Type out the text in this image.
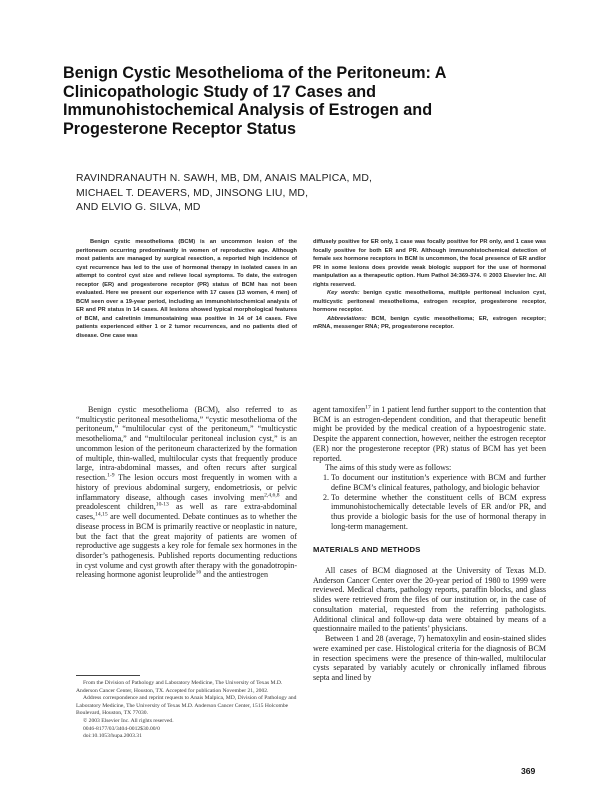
Benign Cystic Mesothelioma of the Peritoneum: A Clinicopathologic Study of 17 Cases and Immunohistochemical Analysis of Estrogen and Progesterone Receptor Status
RAVINDRANAUTH N. SAWH, MB, DM, ANAIS MALPICA, MD,
MICHAEL T. DEAVERS, MD, JINSONG LIU, MD,
AND ELVIO G. SILVA, MD

Benign cystic mesothelioma (BCM) is an uncommon lesion of the peritoneum occurring predominantly in women of reproductive age. Although most patients are managed by surgical resection, a reported high incidence of cyst recurrence has led to the use of hormonal therapy in isolated cases in an attempt to control cyst size and relieve local symptoms. To date, the estrogen receptor (ER) and progesterone receptor (PR) status of BCM has not been evaluated. Here we present our experience with 17 cases (13 women, 4 men) of BCM seen over a 19-year period, including an immunohistochemical analysis of ER and PR status in 14 cases. All lesions showed typical morphological features of BCM, and calretinin immunostaining was positive in 14 of 14 cases. Five patients experienced either 1 or 2 tumor recurrences, and no patients died of disease. One case was

diffusely positive for ER only, 1 case was focally positive for PR only, and 1 case was focally positive for both ER and PR. Although immunohistochemical detection of female sex hormone receptors in BCM is uncommon, the focal presence of ER and/or PR in some lesions does provide weak biologic support for the use of hormonal manipulation as a therapeutic option. Hum Pathol 34:369-374. © 2003 Elsevier Inc. All rights reserved.

Key words: benign cystic mesothelioma, multiple peritoneal inclusion cyst, multicystic peritoneal mesothelioma, estrogen receptor, progesterone receptor, hormone receptor.

Abbreviations: BCM, benign cystic mesothelioma; ER, estrogen receptor; mRNA, messenger RNA; PR, progesterone receptor.

Benign cystic mesothelioma (BCM), also referred to as “multicystic peritoneal mesothelioma,” “cystic mesothelioma of the peritoneum,” “multilocular cyst of the peritoneum,” “multicystic mesothelioma,” and “multilocular peritoneal inclusion cyst,” is an uncommon lesion of the peritoneum characterized by the formation of multiple, thin-walled, multilocular cysts that frequently produce large, intra-abdominal masses, and often recurs after surgical resection.$^{1-9}$ The lesion occurs most frequently in women with a history of previous abdominal surgery, endometriosis, or pelvic inflammatory disease, although cases involving men$^{2,4,6,8}$ and preadolescent children,$^{10-13}$ as well as rare extra-abdominal cases,$^{14,15}$ are well documented. Debate continues as to whether the disease process in BCM is primarily reactive or neoplastic in nature, but the fact that the great majority of patients are women of reproductive age suggests a key role for female sex hormones in the disorder’s pathogenesis. Published reports documenting reductions in cyst volume and cyst growth after therapy with the gonadotropin-releasing hormone agonist leuprolide$^{16}$ and the antiestrogen

agent tamoxifen$^{17}$ in 1 patient lend further support to the contention that BCM is an estrogen-dependent condition, and that therapeutic benefit might be provided by the medical creation of a hypoestrogenic state. Despite the apparent connection, however, neither the estrogen receptor (ER) nor the progesterone receptor (PR) status of BCM has yet been reported.

The aims of this study were as follows:

1. To document our institution’s experience with BCM and further define BCM’s clinical features, pathology, and biologic behavior
2. To determine whether the constituent cells of BCM express immunohistochemically detectable levels of ER and/or PR, and thus provide a biologic basis for the use of hormonal therapy in long-term management.
MATERIALS AND METHODS

All cases of BCM diagnosed at the University of Texas M.D. Anderson Cancer Center over the 20-year period of 1980 to 1999 were reviewed. Medical charts, pathology reports, paraffin blocks, and glass slides were retrieved from the files of our institution or, in the case of consultation material, requested from the referring pathologists. Additional clinical and follow-up data were obtained by means of a questionnaire mailed to the patients’ physicians.

Between 1 and 28 (average, 7) hematoxylin and eosin-stained slides were examined per case. Histological criteria for the diagnosis of BCM in resection specimens were the presence of thin-walled, multilocular cysts separated by variably acutely or chronically inflamed fibrous septa and lined by

From the Division of Pathology and Laboratory Medicine, The University of Texas M.D. Anderson Cancer Center, Houston, TX. Accepted for publication November 21, 2002.

Address correspondence and reprint requests to Anais Malpica, MD, Division of Pathology and Laboratory Medicine, The University of Texas M.D. Anderson Cancer Center, 1515 Holcombe Boulevard, Houston, TX 77030.

© 2003 Elsevier Inc. All rights reserved.

0046-8177/03/3404-0012$30.00/0

doi:10.1053/hupa.2003.31

369
